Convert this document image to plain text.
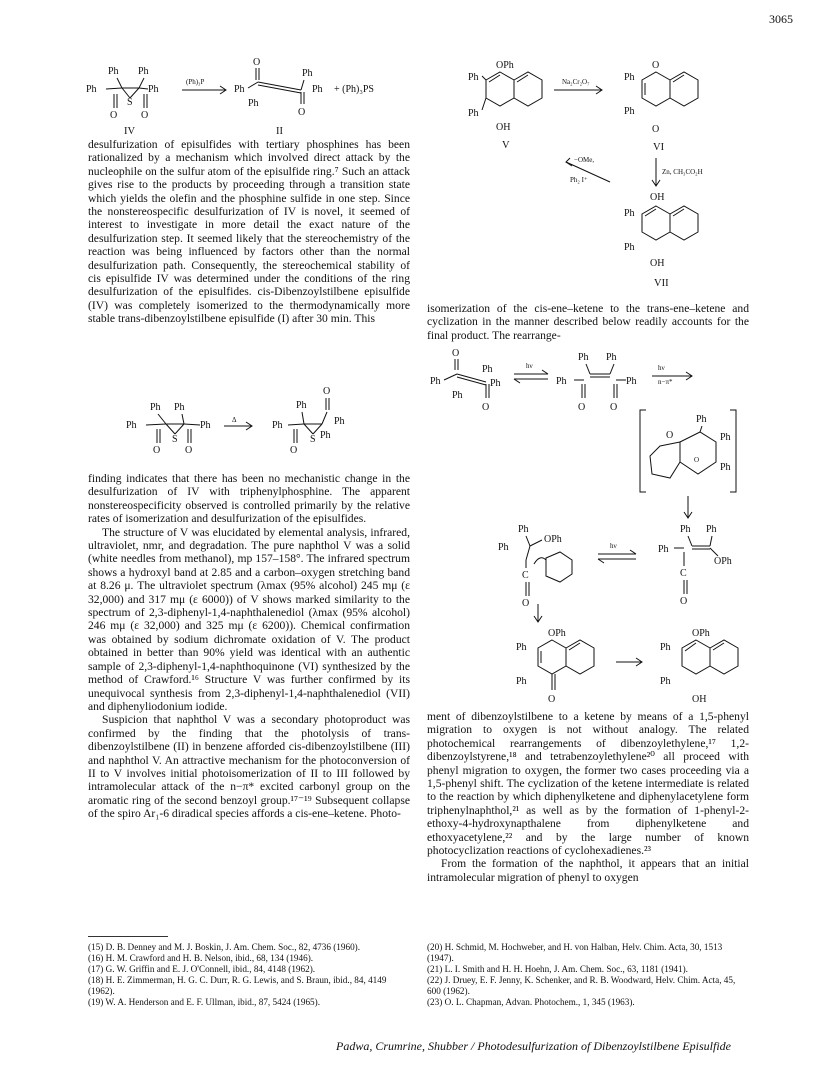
3065
Ph Ph
Ph	Ph
S
O O
IV
(Ph)₃P
O
Ph
Ph
Ph
Ph
O
II
+ (Ph)₃PS

desulfurization of episulfides with tertiary phosphines has been rationalized by a mechanism which involved direct attack by the nucleophile on the sulfur atom of the episulfide ring.⁷ Such an attack gives rise to the products by proceeding through a transition state which yields the olefin and the phosphine sulfide in one step. Since the nonstereospecific desulfurization of IV is novel, it seemed of interest to investigate in more detail the exact nature of the desulfurization step. It seemed likely that the stereochemistry of the reaction was being influenced by factors other than the normal desulfurization path. Consequently, the stereochemical stability of cis episulfide IV was determined under the conditions of the ring desulfurization of the episulfides. cis-Dibenzoylstilbene episulfide (IV) was completely isomerized to the thermodynamically more stable trans-dibenzoylstilbene episulfide (I) after 30 min. This

Ph Ph
Ph	Ph
S
O O
Δ	Ph
Ph
Ph
Ph
O
S
O

finding indicates that there has been no mechanistic change in the desulfurization of IV with triphenylphosphine. The apparent nonstereospecificity observed is controlled primarily by the relative rates of isomerization and desulfurization of the episulfides.

The structure of V was elucidated by elemental analysis, infrared, ultraviolet, nmr, and degradation. The pure naphthol V was a solid (white needles from methanol), mp 157–158°. The infrared spectrum shows a hydroxyl band at 2.85 and a carbon–oxygen stretching band at 8.26 μ. The ultraviolet spectrum (λmax (95% alcohol) 245 mμ (ε 32,000) and 317 mμ (ε 6000)) of V shows marked similarity to the spectrum of 2,3-diphenyl-1,4-naphthalenediol (λmax (95% alcohol) 246 mμ (ε 32,000) and 325 mμ (ε 6200)). Chemical confirmation was obtained by sodium dichromate oxidation of V. The product obtained in better than 90% yield was identical with an authentic sample of 2,3-diphenyl-1,4-naphthoquinone (VI) synthesized by the method of Crawford.¹⁶ Structure V was further confirmed by its unequivocal synthesis from 2,3-diphenyl-1,4-naphthalenediol (VII) and diphenyliodonium iodide.

Suspicion that naphthol V was a secondary photoproduct was confirmed by the finding that the photolysis of trans-dibenzoylstilbene (II) in benzene afforded cis-dibenzoylstilbene (III) and naphthol V. An attractive mechanism for the photoconversion of II to V involves initial photoisomerization of II to III followed by intramolecular attack of the n−π* excited carbonyl group on the aromatic ring of the second benzoyl group.¹⁷⁻¹⁹ Subsequent collapse of the spiro Ar₁-6 diradical species affords a cis-ene–ketene. Photo-

OPh
Ph
Ph
OH
V
Na₂Cr₂O₇
O
Ph
Ph
O
VI
−OMe,
Ph₂ I⁺
Zn, CH₃CO₂H
OH
Ph
Ph
OH
VII

isomerization of the cis-ene–ketene to the trans-ene–ketene and cyclization in the manner described below readily accounts for the final product. The rearrange-

O
Ph
Ph
Ph
Ph
O
hν
Ph Ph
Ph	Ph
O O
hν
n−π*
Ph
O	Ph
Ph
O
Ph
OPh
Ph
C
O
hν
Ph Ph
Ph
OPh
C
O
OPh
Ph
Ph
O
OPh
Ph
Ph
OH

ment of dibenzoylstilbene to a ketene by means of a 1,5-phenyl migration to oxygen is not without analogy. The related photochemical rearrangements of dibenzoylethylene,¹⁷ 1,2-dibenzoylstyrene,¹⁸ and tetrabenzoylethylene²⁰ all proceed with phenyl migration to oxygen, the former two cases proceeding via a 1,5-phenyl shift. The cyclization of the ketene intermediate is related to the reaction by which diphenylketene and diphenylacetylene form triphenylnaphthol,²¹ as well as by the formation of 1-phenyl-2-ethoxy-4-hydroxynapthalene from diphenylketene and ethoxyacetylene,²² and by the large number of known photocyclization reactions of cyclohexadienes.²³

From the formation of the naphthol, it appears that an initial intramolecular migration of phenyl to oxygen

(15) D. B. Denney and M. J. Boskin, J. Am. Chem. Soc., 82, 4736 (1960).
(16) H. M. Crawford and H. B. Nelson, ibid., 68, 134 (1946).
(17) G. W. Griffin and E. J. O'Connell, ibid., 84, 4148 (1962).
(18) H. E. Zimmerman, H. G. C. Durr, R. G. Lewis, and S. Braun, ibid., 84, 4149 (1962).
(19) W. A. Henderson and E. F. Ullman, ibid., 87, 5424 (1965).
(20) H. Schmid, M. Hochweber, and H. von Halban, Helv. Chim. Acta, 30, 1513 (1947).
(21) L. I. Smith and H. H. Hoehn, J. Am. Chem. Soc., 63, 1181 (1941).
(22) J. Druey, E. F. Jenny, K. Schenker, and R. B. Woodward, Helv. Chim. Acta, 45, 600 (1962).
(23) O. L. Chapman, Advan. Photochem., 1, 345 (1963).
Padwa, Crumrine, Shubber / Photodesulfurization of Dibenzoylstilbene Episulfide
